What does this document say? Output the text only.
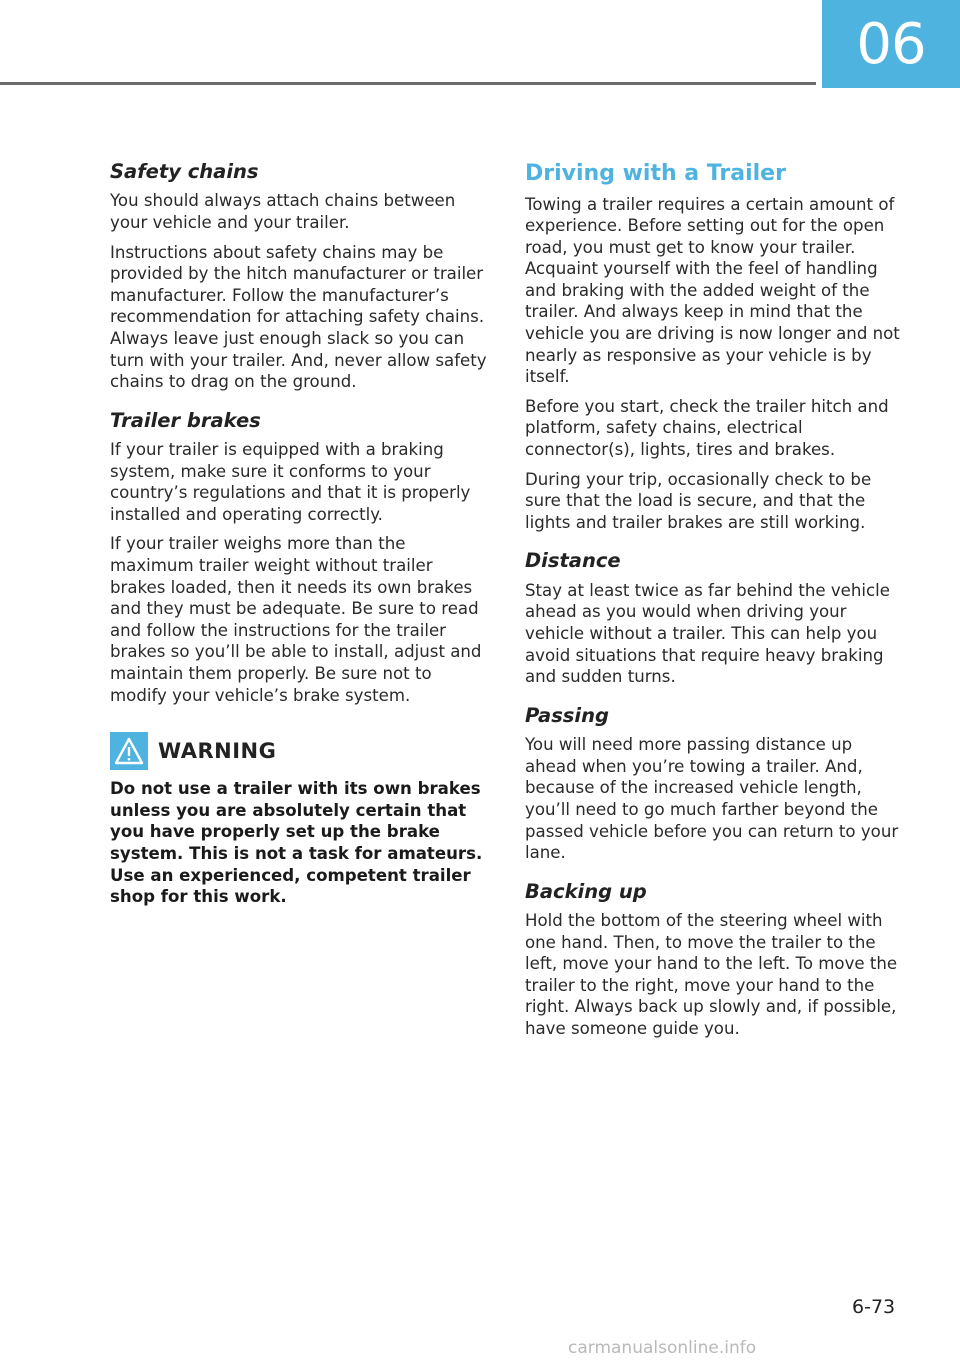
06
Safety chains

You should always attach chains between your vehicle and your trailer.

Instructions about safety chains may be provided by the hitch manufacturer or trailer manufacturer. Follow the manufacturer’s recommendation for attaching safety chains. Always leave just enough slack so you can turn with your trailer. And, never allow safety chains to drag on the ground.

Trailer brakes

If your trailer is equipped with a braking system, make sure it conforms to your country’s regulations and that it is properly installed and operating correctly.

If your trailer weighs more than the maximum trailer weight without trailer brakes loaded, then it needs its own brakes and they must be adequate. Be sure to read and follow the instructions for the trailer brakes so you’ll be able to install, adjust and maintain them properly. Be sure not to modify your vehicle’s brake system.

WARNING

Do not use a trailer with its own brakes unless you are absolutely certain that you have properly set up the brake system. This is not a task for amateurs. Use an experienced, competent trailer shop for this work.

Driving with a Trailer

Towing a trailer requires a certain amount of experience. Before setting out for the open road, you must get to know your trailer. Acquaint yourself with the feel of handling and braking with the added weight of the trailer. And always keep in mind that the vehicle you are driving is now longer and not nearly as responsive as your vehicle is by itself.

Before you start, check the trailer hitch and platform, safety chains, electrical connector(s), lights, tires and brakes.

During your trip, occasionally check to be sure that the load is secure, and that the lights and trailer brakes are still working.

Distance

Stay at least twice as far behind the vehicle ahead as you would when driving your vehicle without a trailer. This can help you avoid situations that require heavy braking and sudden turns.

Passing

You will need more passing distance up ahead when you’re towing a trailer. And, because of the increased vehicle length, you’ll need to go much farther beyond the passed vehicle before you can return to your lane.

Backing up

Hold the bottom of the steering wheel with one hand. Then, to move the trailer to the left, move your hand to the left. To move the trailer to the right, move your hand to the right. Always back up slowly and, if possible, have someone guide you.

6-73
carmanualsonline.info
